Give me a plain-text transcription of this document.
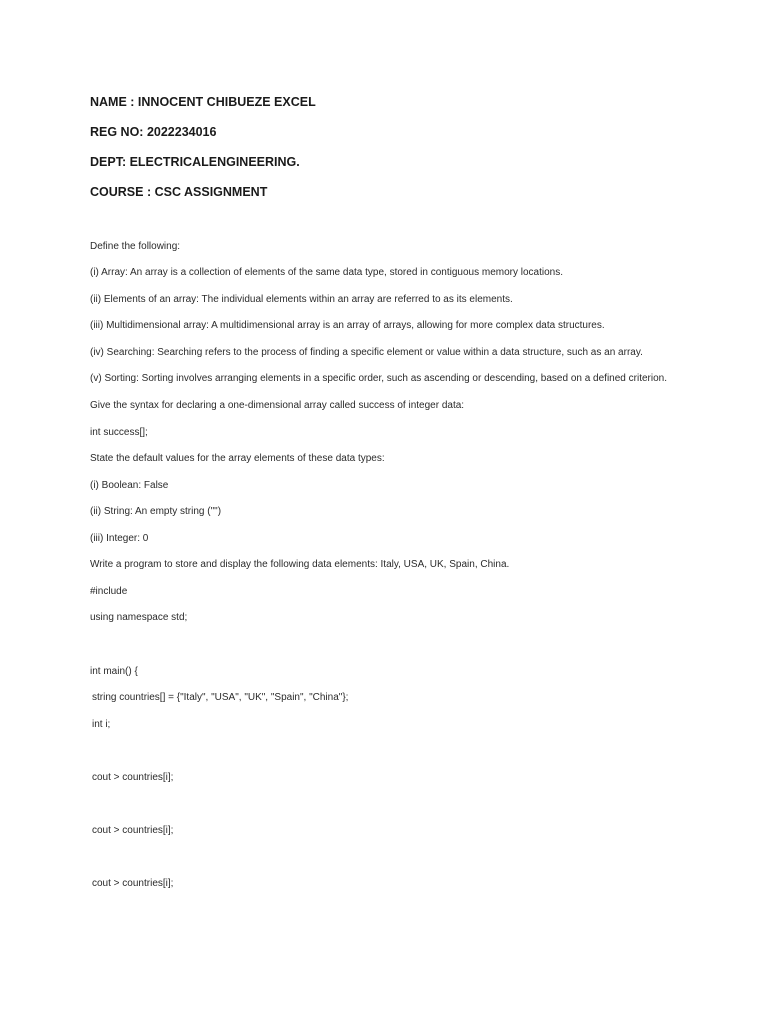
NAME : INNOCENT CHIBUEZE EXCEL
REG NO: 2022234016
DEPT: ELECTRICALENGINEERING.
COURSE : CSC ASSIGNMENT
Define the following:
(i) Array: An array is a collection of elements of the same data type, stored in contiguous memory locations.
(ii) Elements of an array: The individual elements within an array are referred to as its elements.
(iii) Multidimensional array: A multidimensional array is an array of arrays, allowing for more complex data structures.
(iv) Searching: Searching refers to the process of finding a specific element or value within a data structure, such as an array.
(v) Sorting: Sorting involves arranging elements in a specific order, such as ascending or descending, based on a defined criterion.
Give the syntax for declaring a one-dimensional array called success of integer data:
int success[];
State the default values for the array elements of these data types:
(i) Boolean: False
(ii) String: An empty string ("")
(iii) Integer: 0
Write a program to store and display the following data elements: Italy, USA, UK, Spain, China.
#include
using namespace std;
int main() {
string countries[] = {"Italy", "USA", "UK", "Spain", "China"};
int i;
cout > countries[i];
cout > countries[i];
cout > countries[i];
